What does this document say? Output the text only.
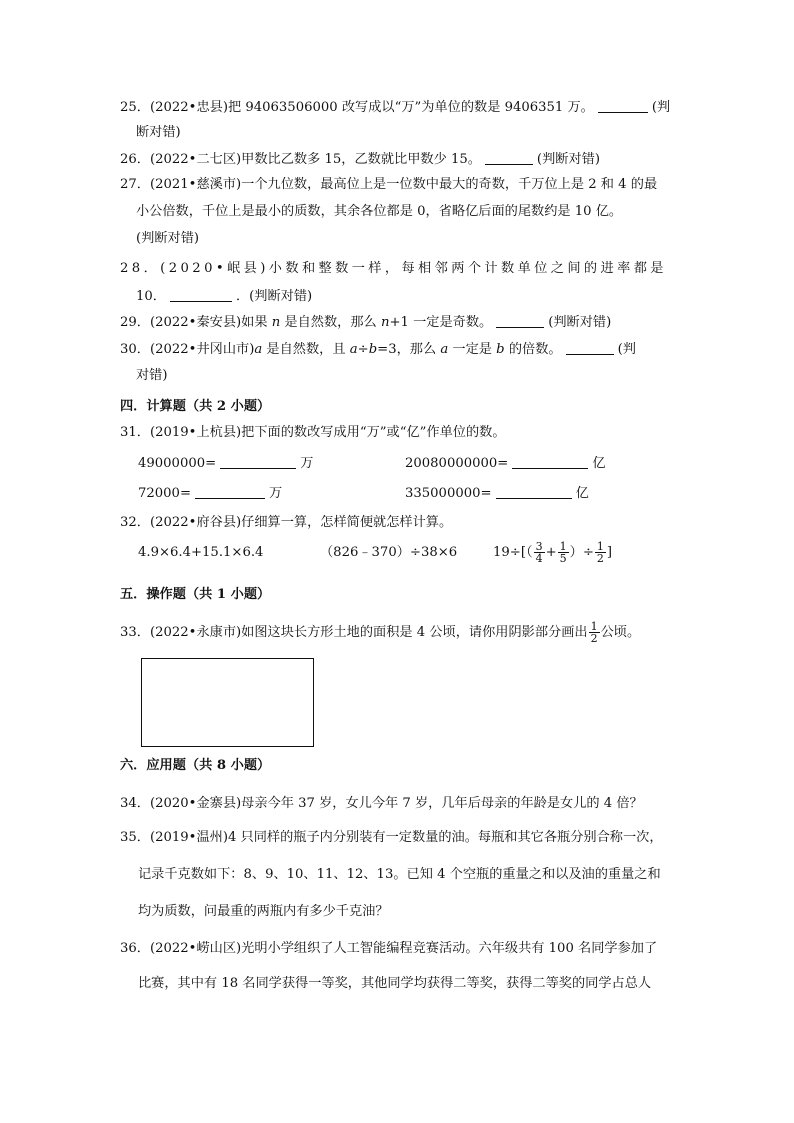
25．(2022•忠县)把 94063506000 改写成以“万”为单位的数是 9406351 万。	(判
断对错)
26．(2022•二七区)甲数比乙数多 15，乙数就比甲数少 15。	(判断对错)
27．(2021•慈溪市)一个九位数，最高位上是一位数中最大的奇数，千万位上是 2 和 4 的最
小公倍数，千位上是最小的质数，其余各位都是 0，省略亿后面的尾数约是 10 亿。
(判断对错)
28．(2020•岷县)小数和整数一样，每相邻两个计数单位之间的进率都是
10．	．(判断对错)
29．(2022•秦安县)如果 n 是自然数，那么 n+1 一定是奇数。	(判断对错)
30．(2022•井冈山市)a 是自然数，且 a÷b=3，那么 a 一定是 b 的倍数。	(判
对错)
四．计算题（共 2 小题）
31．(2019•上杭县)把下面的数改写成用“万”或“亿”作单位的数。
49000000=	万	20080000000=	亿
72000=	万	335000000=	亿
32．(2022•府谷县)仔细算一算，怎样简便就怎样计算。
4.9×6.4+15.1×6.4	（826﹣370）÷38×6	$19\div[( \frac{3}{4} + \frac{1}{5}$ ）÷ $\frac{1}{2}$ ]
五．操作题（共 1 小题）
33．(2022•永康市)如图这块长方形土地的面积是 4 公顷，请你用阴影部分画出 $\frac{1}{2}$ 公顷。
六．应用题（共 8 小题）
34．(2020•金寨县)母亲今年 37 岁，女儿今年 7 岁，几年后母亲的年龄是女儿的 4 倍？
35．(2019•温州)4 只同样的瓶子内分别装有一定数量的油。每瓶和其它各瓶分别合称一次，
记录千克数如下：8、9、10、11、12、13。已知 4 个空瓶的重量之和以及油的重量之和
均为质数，问最重的两瓶内有多少千克油？
36．(2022•崂山区)光明小学组织了人工智能编程竞赛活动。六年级共有 100 名同学参加了
比赛，其中有 18 名同学获得一等奖，其他同学均获得二等奖，获得二等奖的同学占总人
